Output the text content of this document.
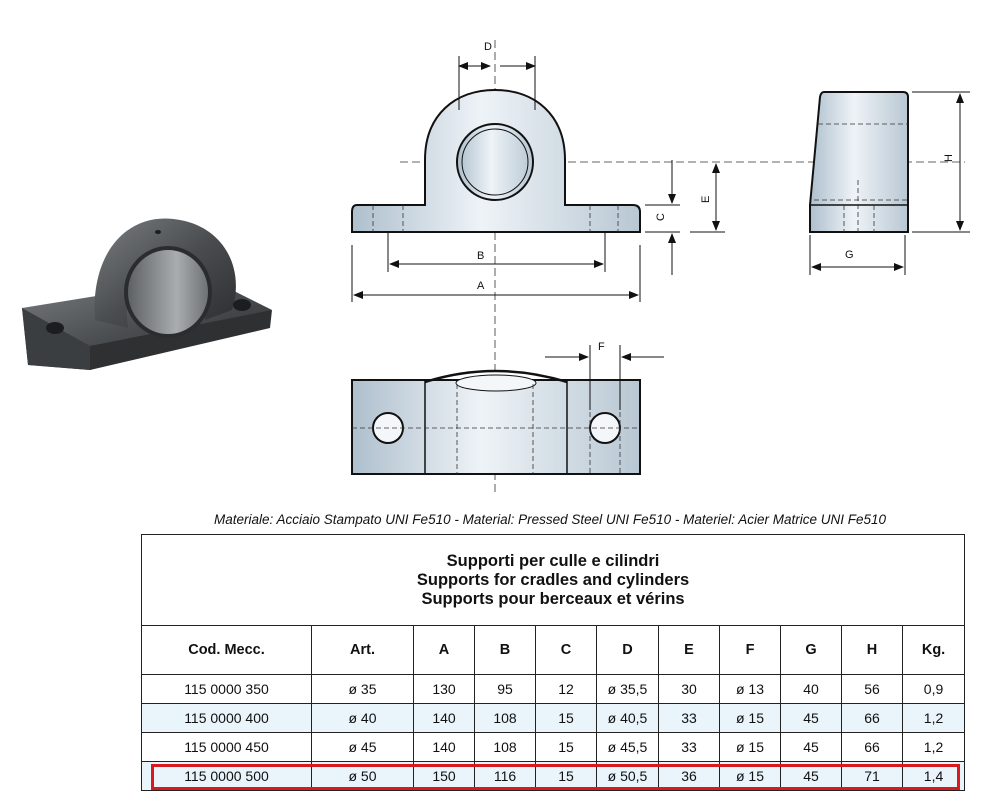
D
B
A
C
E
H
G
F
Materiale: Acciaio Stampato UNI Fe510 - Material: Pressed Steel UNI Fe510 - Materiel: Acier Matrice UNI Fe510
Supporti per culle e cilindri
Supports for cradles and cylinders
Supports pour berceaux et vérins										

Cod. Mecc.	Art.	A	B	C	D	E	F	G	H	Kg.
115 0000 350	ø 35	130	95	12	ø 35,5	30	ø 13	40	56	0,9
115 0000 400	ø 40	140	108	15	ø 40,5	33	ø 15	45	66	1,2
115 0000 450	ø 45	140	108	15	ø 45,5	33	ø 15	45	66	1,2
115 0000 500	ø 50	150	116	15	ø 50,5	36	ø 15	45	71	1,4
